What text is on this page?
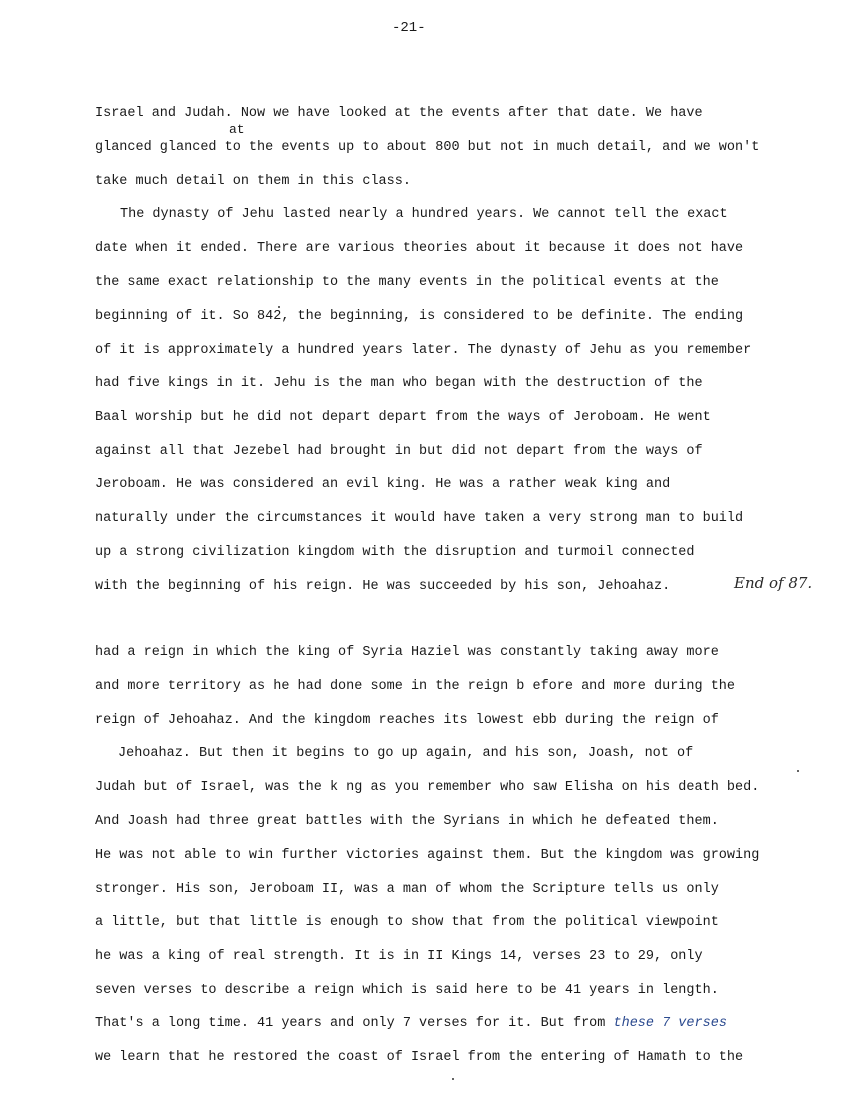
-21-
at
Israel and Judah. Now we have looked at the events after that date. We have
glanced glanced to the events up to about 800 but not in much detail, and we won't
take much detail on them in this class.
The dynasty of Jehu lasted nearly a hundred years. We cannot tell the exact
date when it ended. There are various theories about it because it does not have
the same exact relationship to the many events in the political events at the
beginning of it. So 842, the beginning, is considered to be definite. The ending
of it is approximately a hundred years later. The dynasty of Jehu as you remember
had five kings in it. Jehu is the man who began with the destruction of the
Baal worship but he did not depart depart from the ways of Jeroboam. He went
against all that Jezebel had brought in but did not depart from the ways of
Jeroboam. He was considered an evil king. He was a rather weak king and
naturally under the circumstances it would have taken a very strong man to build
up a strong civilization kingdom with the disruption and turmoil connected
with the beginning of his reign. He was succeeded by his son, Jehoahaz.	End of 87.
had a reign in which the king of Syria Haziel was constantly taking away more
and more territory as he had done some in the reign b efore and more during the
reign of Jehoahaz. And the kingdom reaches its lowest ebb during the reign of
Jehoahaz. But then it begins to go up again, and his son, Joash, not of
Judah but of Israel, was the k ng as you remember who saw Elisha on his death bed.
And Joash had three great battles with the Syrians in which he defeated them.
He was not able to win further victories against them. But the kingdom was growing
stronger. His son, Jeroboam II, was a man of whom the Scripture tells us only
a little, but that little is enough to show that from the political viewpoint
he was a king of real strength. It is in II Kings 14, verses 23 to 29, only
seven verses to describe a reign which is said here to be 41 years in length.
That's a long time. 41 years and only 7 verses for it. But from these 7 verses
we learn that he restored the coast of Israel from the entering of Hamath to the
